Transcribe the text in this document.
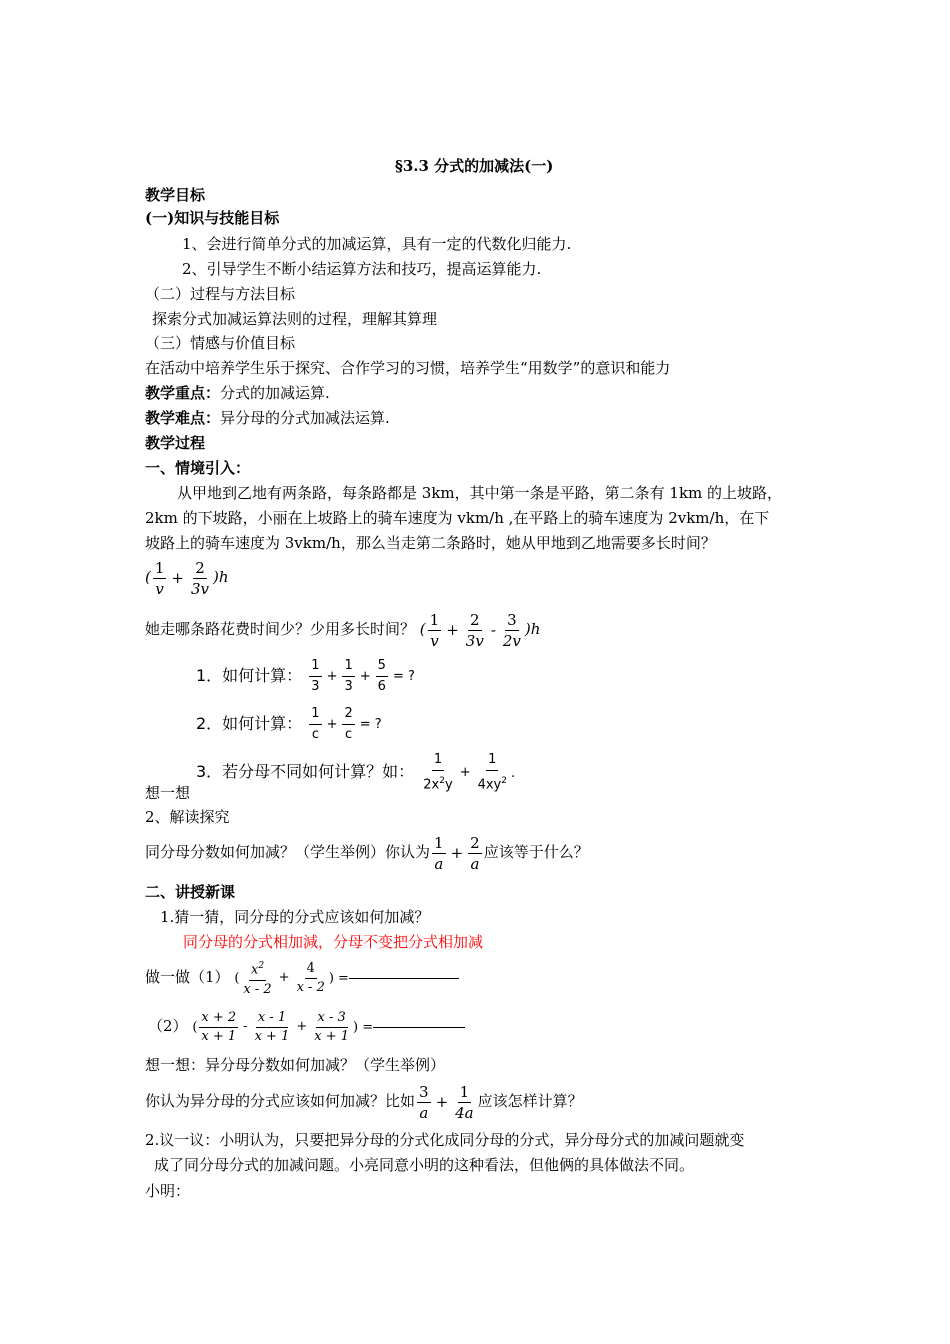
§3.3 分式的加减法(一)
教学目标
(一)知识与技能目标
1、会进行简单分式的加减运算，具有一定的代数化归能力.
2、引导学生不断小结运算方法和技巧，提高运算能力.
（二）过程与方法目标
探索分式加减运算法则的过程，理解其算理
（三）情感与价值目标
在活动中培养学生乐于探究、合作学习的习惯，培养学生“用数学”的意识和能力
教学重点：分式的加减运算.
教学难点：异分母的分式加减法运算.
教学过程
一、情境引入：
从甲地到乙地有两条路，每条路都是 3km，其中第一条是平路，第二条有 1km 的上坡路，
2km 的下坡路，小丽在上坡路上的骑车速度为 vkm/h ,在平路上的骑车速度为 2vkm/h，在下
坡路上的骑车速度为 3vkm/h，那么当走第二条路时，她从甲地到乙地需要多长时间？
( $\frac{1}{v} + \frac{2}{3v} )h$
她走哪条路花费时间少？少用多长时间？ ( $\frac{1}{v} + \frac{2}{3v} - \frac{3}{2v} )h$
1．如何计算： $\frac{1}{3} + \frac{1}{3} + \frac{5}{6}$ = ?
2．如何计算： $\frac{1}{c} + \frac{2}{c}$ = ?
3．若分母不同如何计算？如： $\frac{1}{2x^2y} + \frac{1}{4xy^2}$ .
想一想
2、解读探究
同分母分数如何加减？（学生举例）你认为 $\frac{1}{a} + \frac{2}{a}$ 应该等于什么？
二、讲授新课
1.猜一猜，同分母的分式应该如何加减？
同分母的分式相加減，分母不变把分式相加减
做一做（1） ( $\frac{x^2}{x - 2} + \frac{4}{x - 2}$ ) =
（2） ( $\frac{x + 2}{x + 1} - \frac{x - 1}{x + 1} + \frac{x - 3}{x + 1}$ ) =
想一想：异分母分数如何加减？（学生举例）
你认为异分母的分式应该如何加减？比如 $\frac{3}{a} + \frac{1}{4a}$ 应该怎样计算？
2.议一议：小明认为，只要把异分母的分式化成同分母的分式，异分母分式的加减问题就变
成了同分母分式的加减问题。小亮同意小明的这种看法，但他俩的具体做法不同。
小明：
